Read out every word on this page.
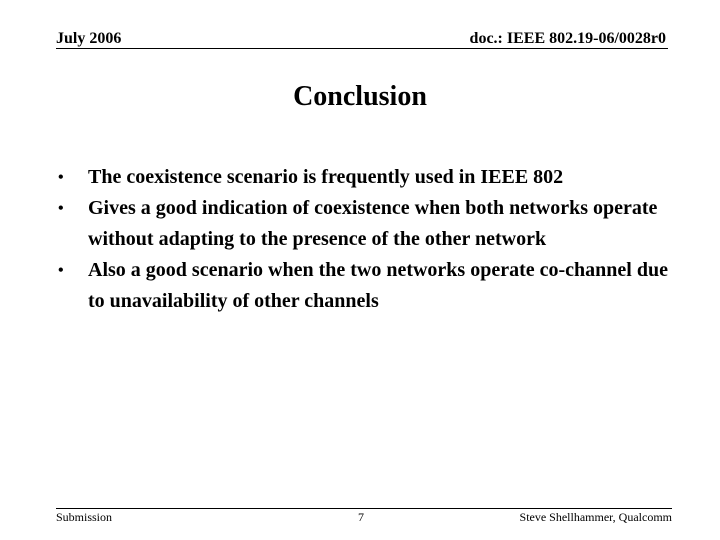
July 2006	doc.: IEEE 802.19-06/0028r0
Conclusion
•	The coexistence scenario is frequently used in IEEE 802
•	Gives a good indication of coexistence when both networks operate without adapting to the presence of the other network
•	Also a good scenario when the two networks operate co-channel due to unavailability of other channels
Submission	7	Steve Shellhammer, Qualcomm
